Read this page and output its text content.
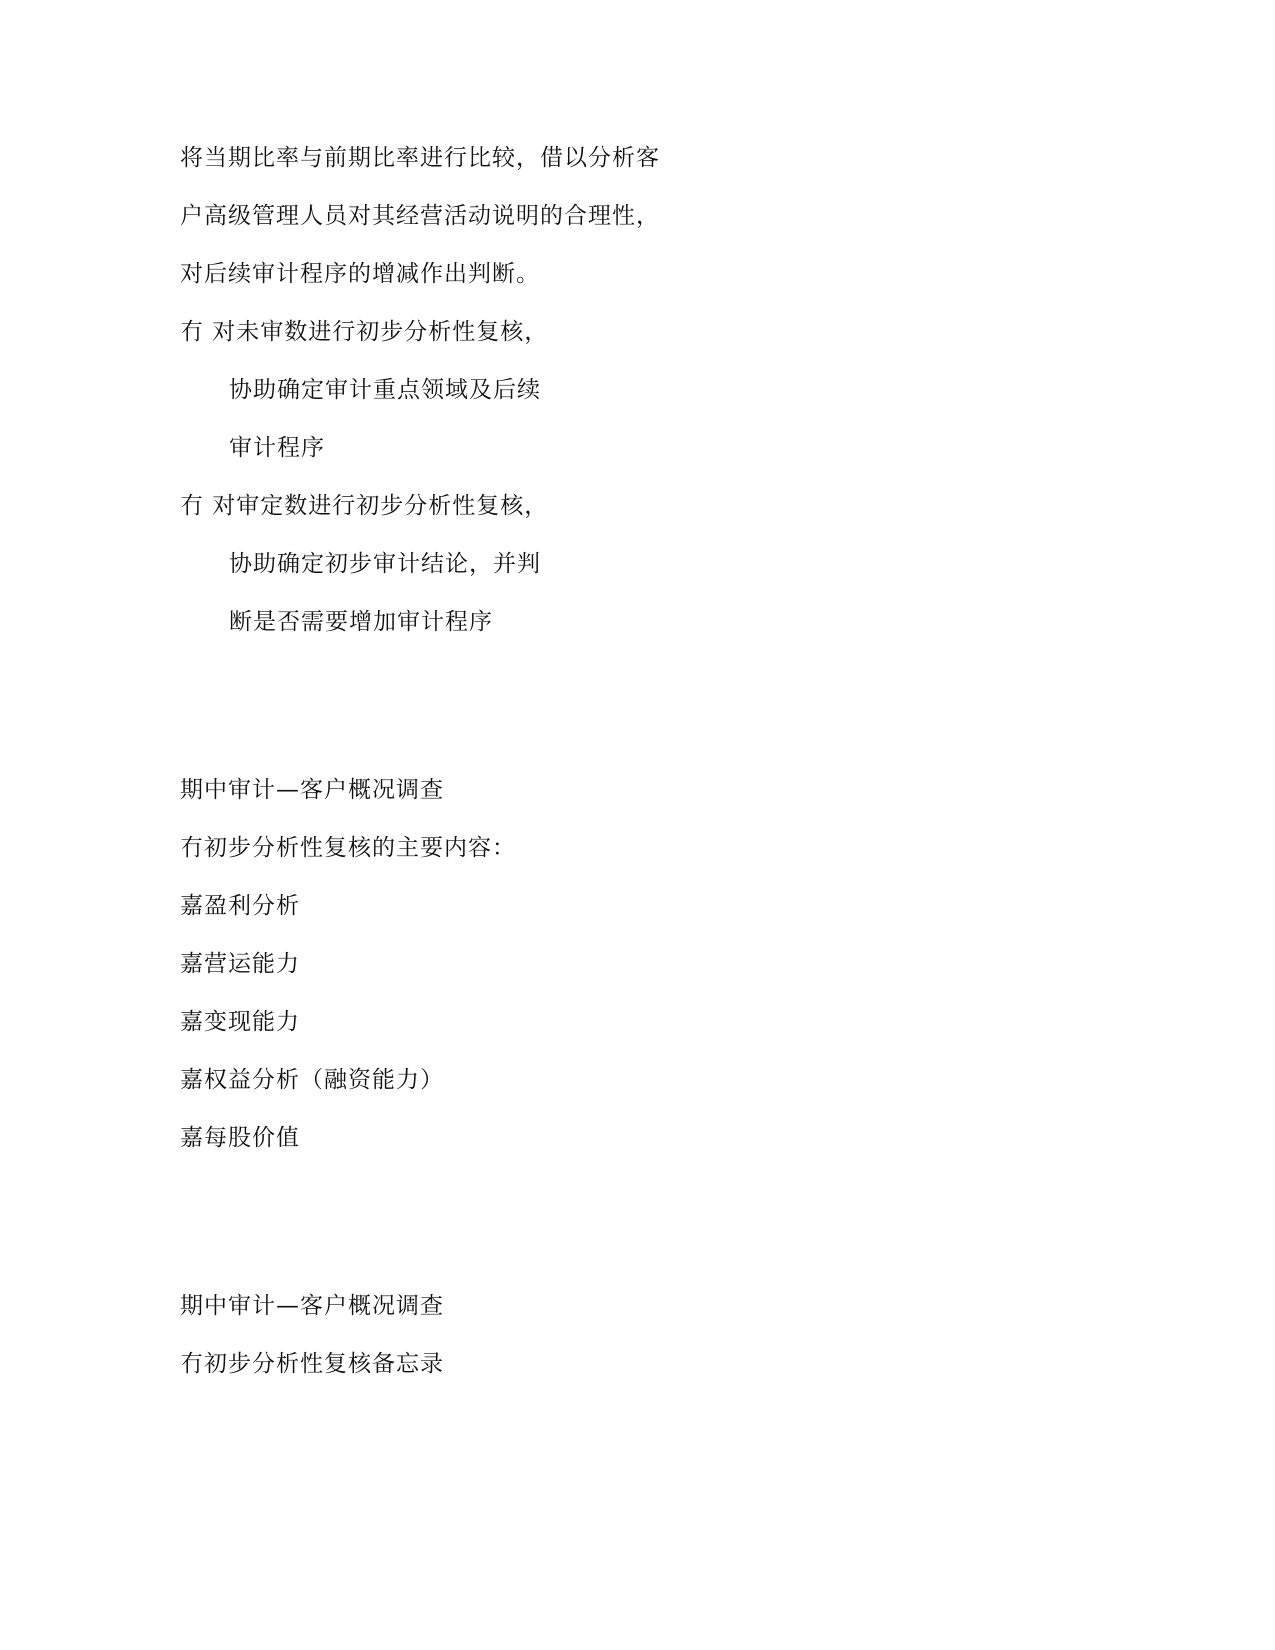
将当期比率与前期比率进行比较，借以分析客
户高级管理人员对其经营活动说明的合理性，
对后续审计程序的增减作出判断。
冇 对未审数进行初步分析性复核，
协助确定审计重点领域及后续
审计程序
冇 对审定数进行初步分析性复核，
协助确定初步审计结论，并判
断是否需要增加审计程序
期中审计—客户概况调查
冇初步分析性复核的主要内容：
嘉盈利分析
嘉营运能力
嘉变现能力
嘉权益分析（融资能力）
嘉每股价值
期中审计—客户概况调查
冇初步分析性复核备忘录
